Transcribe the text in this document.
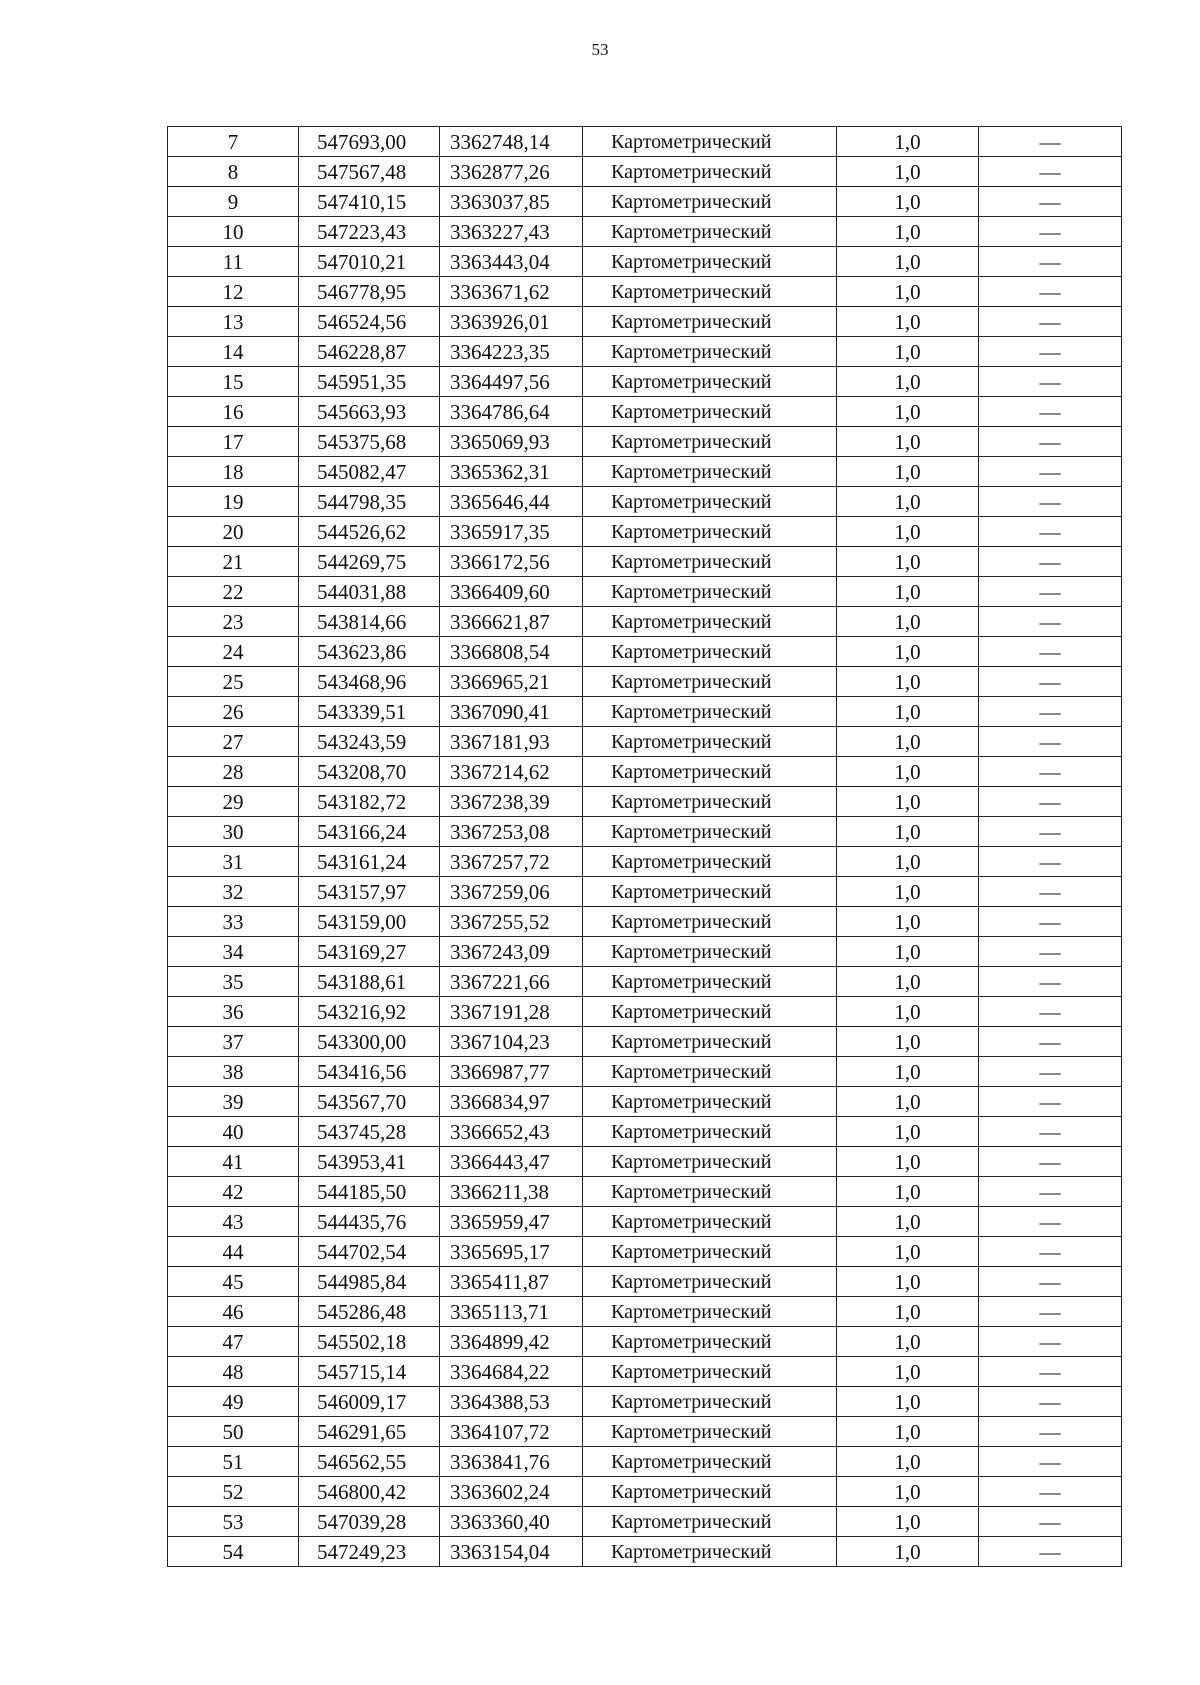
53
7	547693,00	3362748,14	Картометрический	1,0	—
8	547567,48	3362877,26	Картометрический	1,0	—
9	547410,15	3363037,85	Картометрический	1,0	—
10	547223,43	3363227,43	Картометрический	1,0	—
11	547010,21	3363443,04	Картометрический	1,0	—
12	546778,95	3363671,62	Картометрический	1,0	—
13	546524,56	3363926,01	Картометрический	1,0	—
14	546228,87	3364223,35	Картометрический	1,0	—
15	545951,35	3364497,56	Картометрический	1,0	—
16	545663,93	3364786,64	Картометрический	1,0	—
17	545375,68	3365069,93	Картометрический	1,0	—
18	545082,47	3365362,31	Картометрический	1,0	—
19	544798,35	3365646,44	Картометрический	1,0	—
20	544526,62	3365917,35	Картометрический	1,0	—
21	544269,75	3366172,56	Картометрический	1,0	—
22	544031,88	3366409,60	Картометрический	1,0	—
23	543814,66	3366621,87	Картометрический	1,0	—
24	543623,86	3366808,54	Картометрический	1,0	—
25	543468,96	3366965,21	Картометрический	1,0	—
26	543339,51	3367090,41	Картометрический	1,0	—
27	543243,59	3367181,93	Картометрический	1,0	—
28	543208,70	3367214,62	Картометрический	1,0	—
29	543182,72	3367238,39	Картометрический	1,0	—
30	543166,24	3367253,08	Картометрический	1,0	—
31	543161,24	3367257,72	Картометрический	1,0	—
32	543157,97	3367259,06	Картометрический	1,0	—
33	543159,00	3367255,52	Картометрический	1,0	—
34	543169,27	3367243,09	Картометрический	1,0	—
35	543188,61	3367221,66	Картометрический	1,0	—
36	543216,92	3367191,28	Картометрический	1,0	—
37	543300,00	3367104,23	Картометрический	1,0	—
38	543416,56	3366987,77	Картометрический	1,0	—
39	543567,70	3366834,97	Картометрический	1,0	—
40	543745,28	3366652,43	Картометрический	1,0	—
41	543953,41	3366443,47	Картометрический	1,0	—
42	544185,50	3366211,38	Картометрический	1,0	—
43	544435,76	3365959,47	Картометрический	1,0	—
44	544702,54	3365695,17	Картометрический	1,0	—
45	544985,84	3365411,87	Картометрический	1,0	—
46	545286,48	3365113,71	Картометрический	1,0	—
47	545502,18	3364899,42	Картометрический	1,0	—
48	545715,14	3364684,22	Картометрический	1,0	—
49	546009,17	3364388,53	Картометрический	1,0	—
50	546291,65	3364107,72	Картометрический	1,0	—
51	546562,55	3363841,76	Картометрический	1,0	—
52	546800,42	3363602,24	Картометрический	1,0	—
53	547039,28	3363360,40	Картометрический	1,0	—
54	547249,23	3363154,04	Картометрический	1,0	—
